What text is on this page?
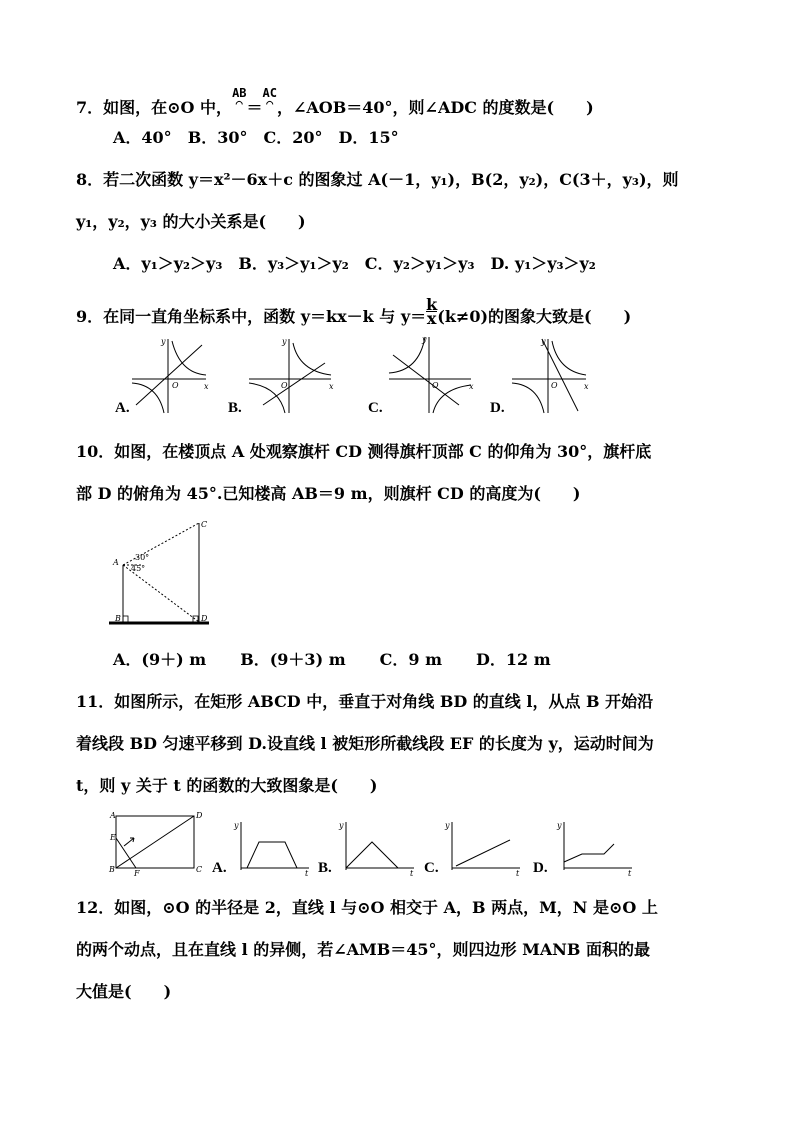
7．如图，在⊙O 中，
AB
⌒ ＝
AC
⌒ ，∠AOB＝40°，则∠ADC 的度数是(　　)
A．40° B．30° C．20° D．15°
8．若二次函数 y＝x²－6x＋c 的图象过 A(－1，y₁)，B(2，y₂)，C(3＋，y₃)，则
y₁，y₂，y₃ 的大小关系是(　　)
A．y₁＞y₂＞y₃ B．y₃＞y₁＞y₂ C．y₂＞y₁＞y₃ D. y₁＞y₃＞y₂
9．在同一直角坐标系中，函数 y＝kx－k 与 $y= \frac{k}{x} (k\ne 0)$的图象大致是(　　)
x
y
O
A.
x
y
O
B.
x
y
O
C.
x
y
O
D.
10．如图，在楼顶点 A 处观察旗杆 CD 测得旗杆顶部 C 的仰角为 30°，旗杆底
部 D 的俯角为 45°.已知楼高 AB＝9 m，则旗杆 CD 的高度为(　　)
A
B
C
D
30°
45°
A．(9＋) m B．(9＋3) m C．9 m D．12 m
11．如图所示，在矩形 ABCD 中，垂直于对角线 BD 的直线 l，从点 B 开始沿
着线段 BD 匀速平移到 D.设直线 l 被矩形所截线段 EF 的长度为 y，运动时间为
t，则 y 关于 t 的函数的大致图象是(　　)
A
B	C
D
E
F
y
t
A.
y
t
B.
y
t
C.
y
t
D.
12．如图，⊙O 的半径是 2，直线 l 与⊙O 相交于 A，B 两点，M，N 是⊙O 上
的两个动点，且在直线 l 的异侧，若∠AMB＝45°，则四边形 MANB 面积的最
大值是(　　)
